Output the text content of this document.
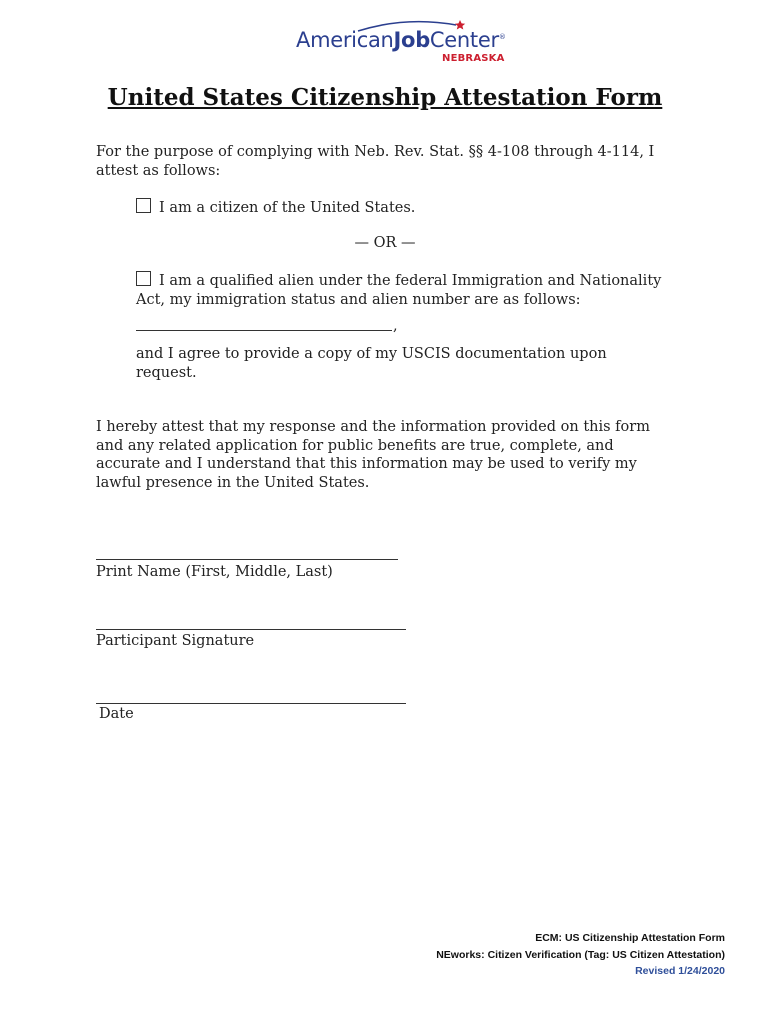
AmericanJobCenter®
NEBRASKA
United States Citizenship Attestation Form
For the purpose of complying with Neb. Rev. Stat. §§ 4-108 through 4-114, I attest as follows:
I am a citizen of the United States.
— OR —
I am a qualified alien under the federal Immigration and Nationality Act, my immigration status and alien number are as follows:
,
and I agree to provide a copy of my USCIS documentation upon request.
I hereby attest that my response and the information provided on this form and any related application for public benefits are true, complete, and accurate and I understand that this information may be used to verify my lawful presence in the United States.
Print Name (First, Middle, Last)
Participant Signature
Date
ECM: US Citizenship Attestation Form
NEworks: Citizen Verification (Tag: US Citizen Attestation)
Revised 1/24/2020
